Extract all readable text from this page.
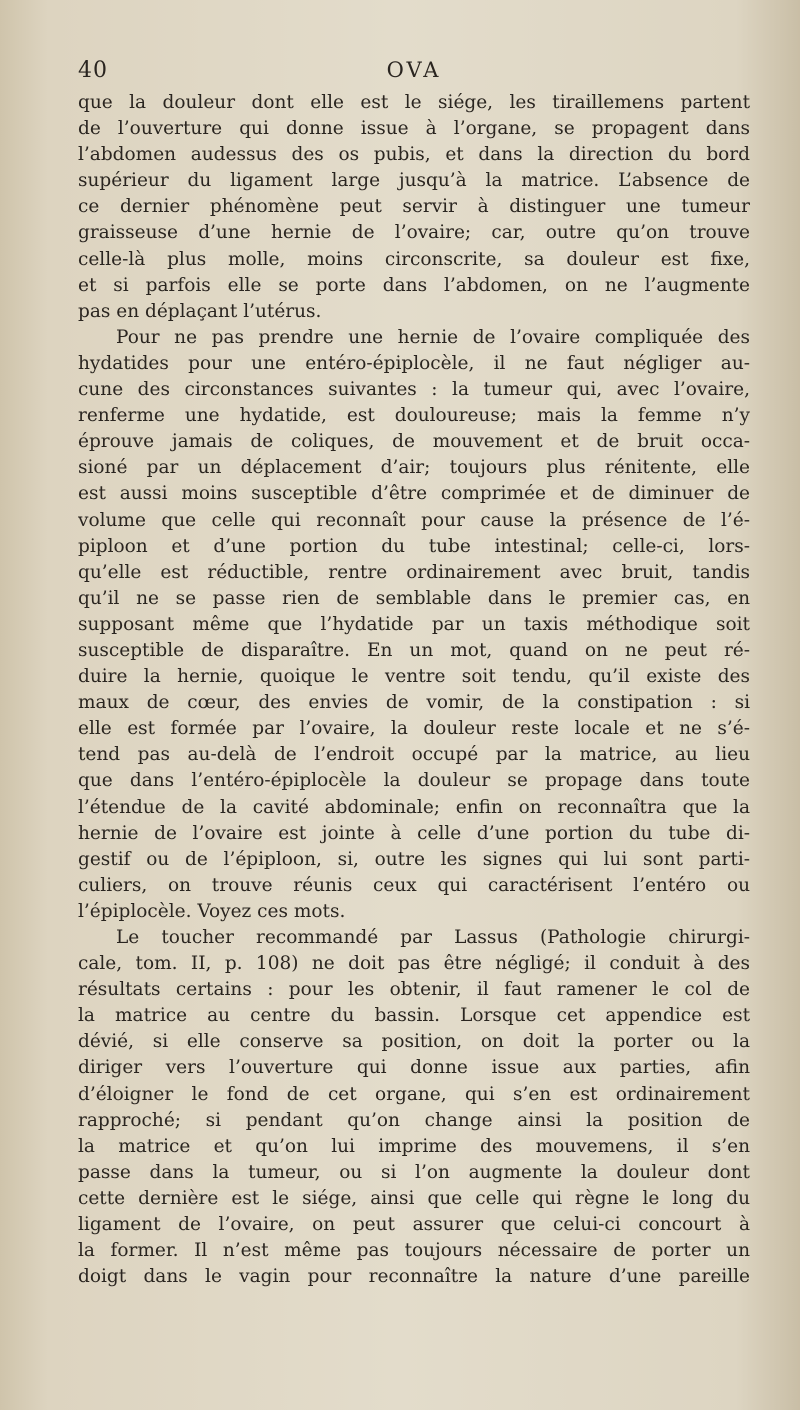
40	OVA
que la douleur dont elle est le siége, les tiraillemens partent
de l’ouverture qui donne issue à l’organe, se propagent dans
l’abdomen audessus des os pubis, et dans la direction du bord
supérieur du ligament large jusqu’à la matrice. L’absence de
ce dernier phénomène peut servir à distinguer une tumeur
graisseuse d’une hernie de l’ovaire; car, outre qu’on trouve
celle-là plus molle, moins circonscrite, sa douleur est fixe,
et si parfois elle se porte dans l’abdomen, on ne l’augmente
pas en déplaçant l’utérus.
Pour ne pas prendre une hernie de l’ovaire compliquée des
hydatides pour une entéro-épiplocèle, il ne faut négliger au-
cune des circonstances suivantes : la tumeur qui, avec l’ovaire,
renferme une hydatide, est douloureuse; mais la femme n’y
éprouve jamais de coliques, de mouvement et de bruit occa-
sioné par un déplacement d’air; toujours plus rénitente, elle
est aussi moins susceptible d’être comprimée et de diminuer de
volume que celle qui reconnaît pour cause la présence de l’é-
piploon et d’une portion du tube intestinal; celle-ci, lors-
qu’elle est réductible, rentre ordinairement avec bruit, tandis
qu’il ne se passe rien de semblable dans le premier cas, en
supposant même que l’hydatide par un taxis méthodique soit
susceptible de disparaître. En un mot, quand on ne peut ré-
duire la hernie, quoique le ventre soit tendu, qu’il existe des
maux de cœur, des envies de vomir, de la constipation : si
elle est formée par l’ovaire, la douleur reste locale et ne s’é-
tend pas au-delà de l’endroit occupé par la matrice, au lieu
que dans l’entéro-épiplocèle la douleur se propage dans toute
l’étendue de la cavité abdominale; enfin on reconnaîtra que la
hernie de l’ovaire est jointe à celle d’une portion du tube di-
gestif ou de l’épiploon, si, outre les signes qui lui sont parti-
culiers, on trouve réunis ceux qui caractérisent l’entéro ou
l’épiplocèle. Voyez ces mots.
Le toucher recommandé par Lassus (Pathologie chirurgi-
cale, tom. II, p. 108) ne doit pas être négligé; il conduit à des
résultats certains : pour les obtenir, il faut ramener le col de
la matrice au centre du bassin. Lorsque cet appendice est
dévié, si elle conserve sa position, on doit la porter ou la
diriger vers l’ouverture qui donne issue aux parties, afin
d’éloigner le fond de cet organe, qui s’en est ordinairement
rapproché; si pendant qu’on change ainsi la position de
la matrice et qu’on lui imprime des mouvemens, il s’en
passe dans la tumeur, ou si l’on augmente la douleur dont
cette dernière est le siége, ainsi que celle qui règne le long du
ligament de l’ovaire, on peut assurer que celui-ci concourt à
la former. Il n’est même pas toujours nécessaire de porter un
doigt dans le vagin pour reconnaître la nature d’une pareille
